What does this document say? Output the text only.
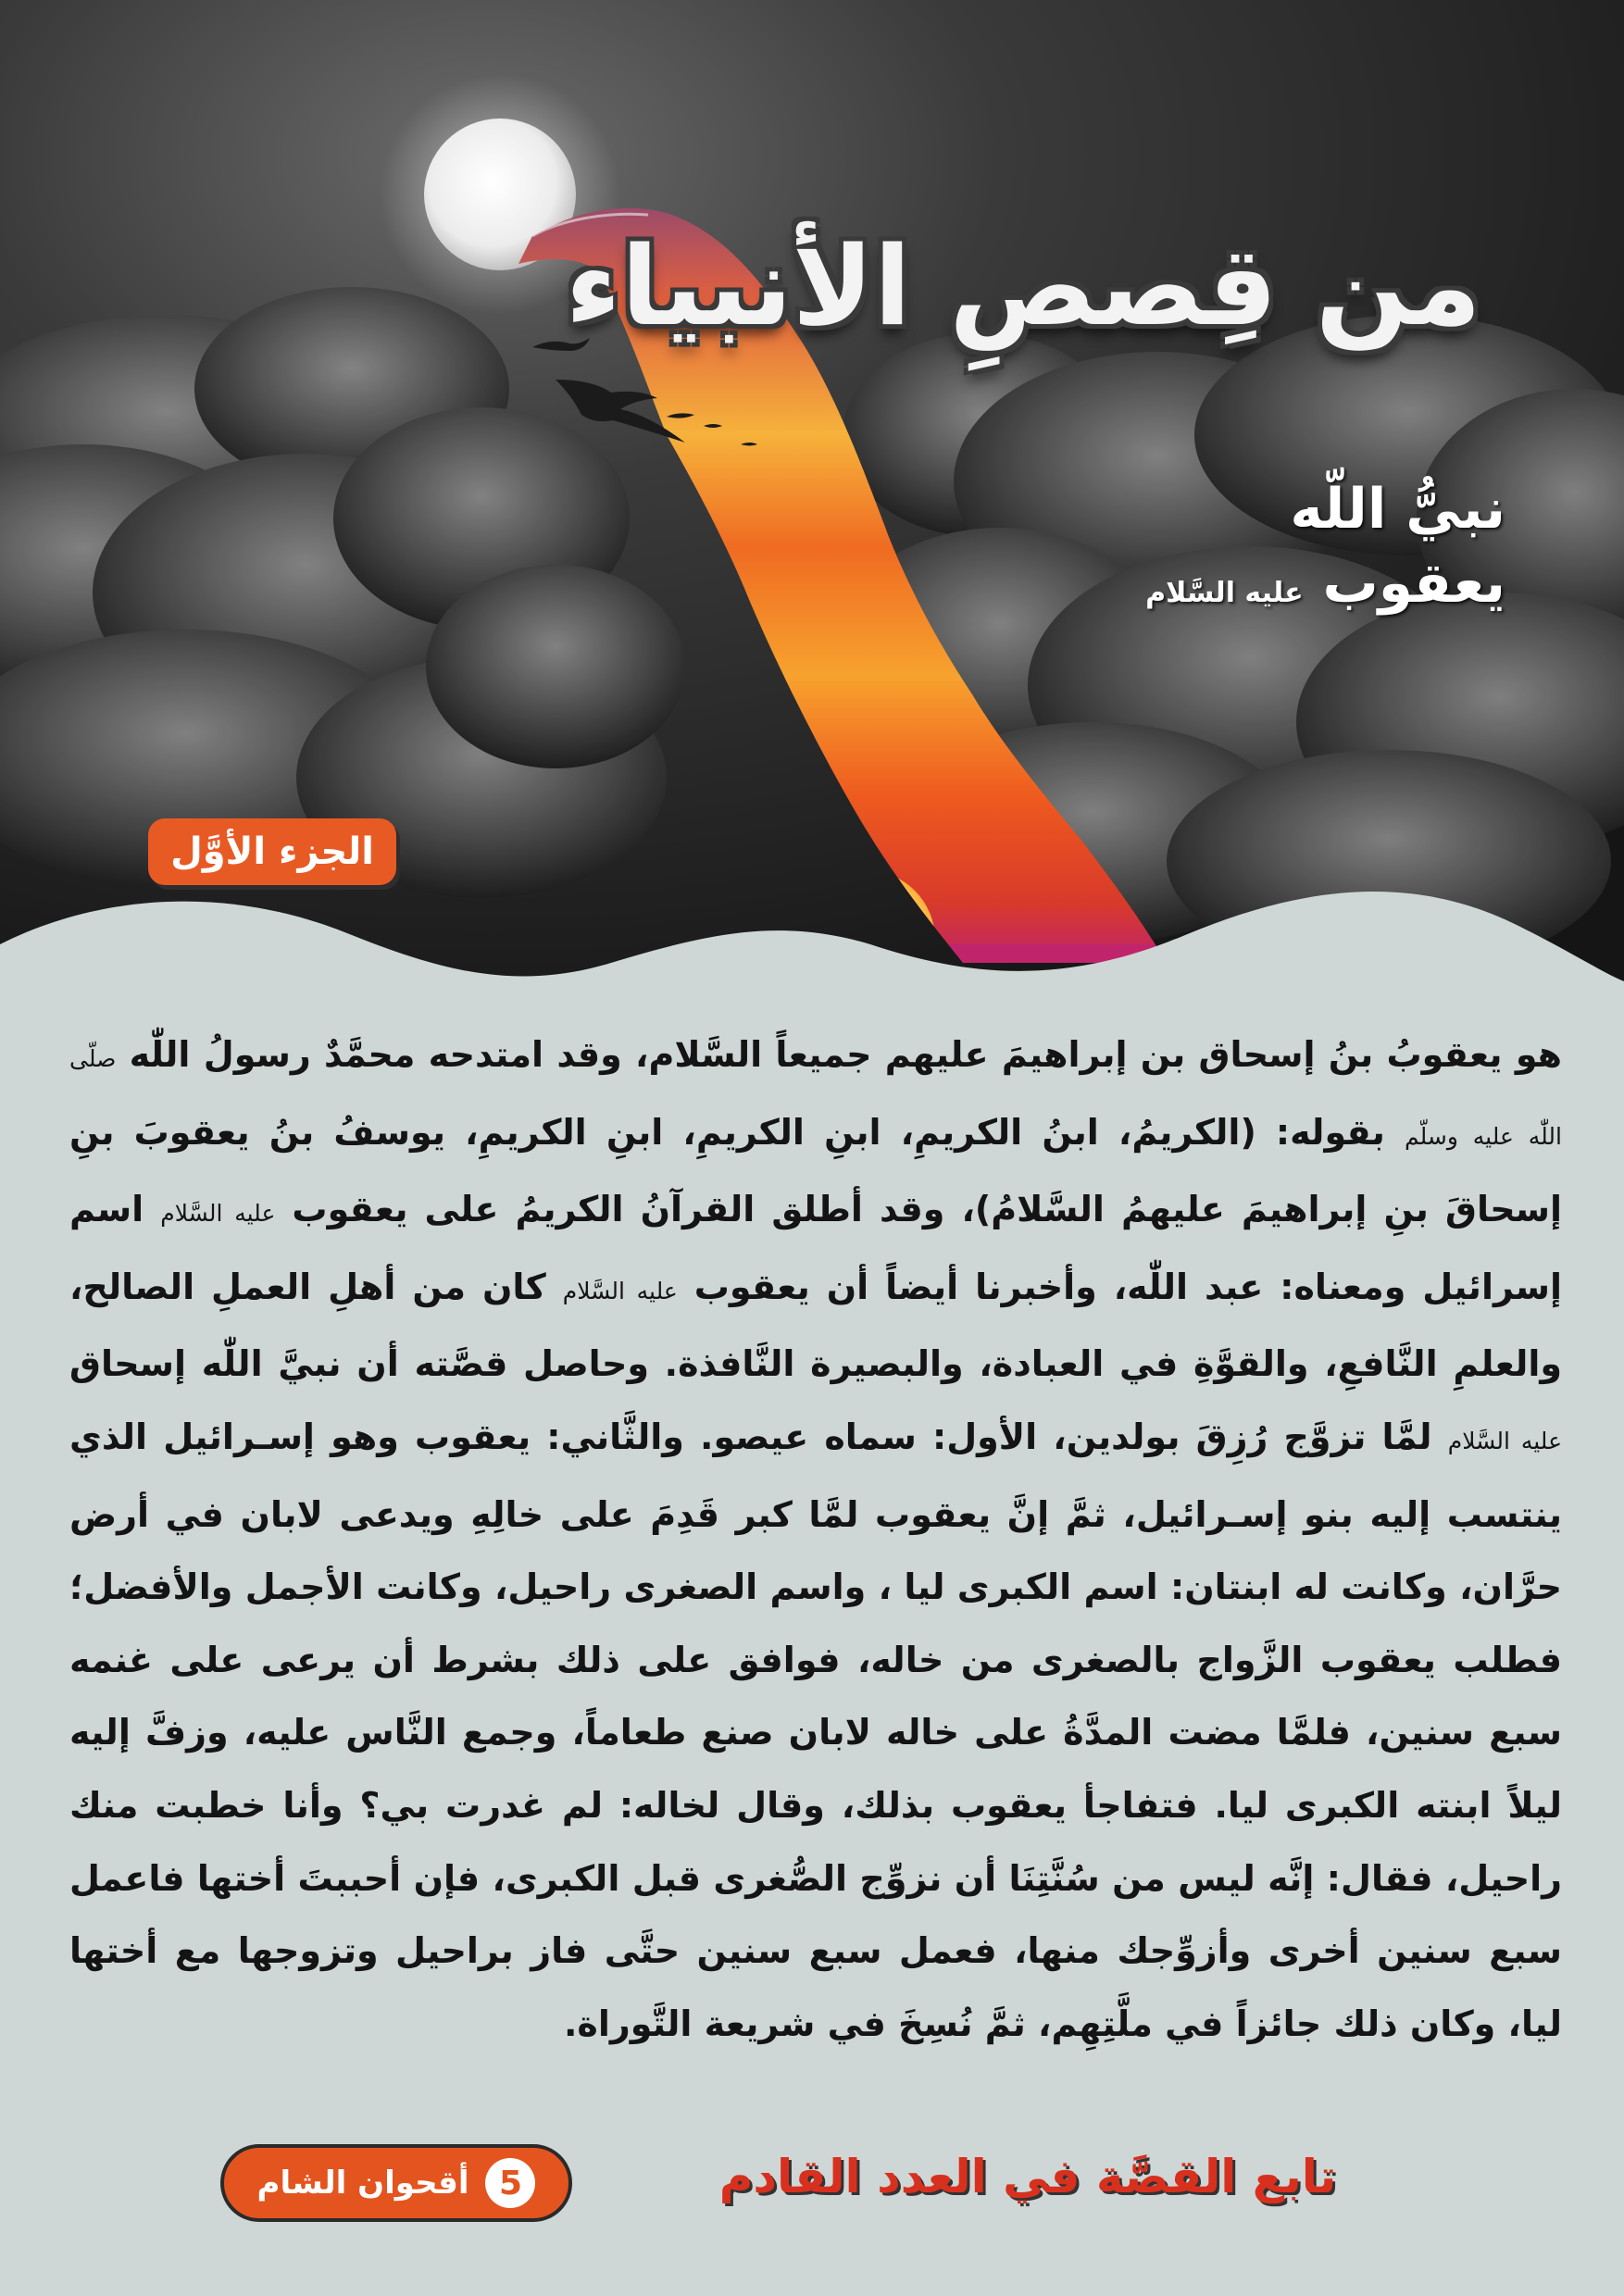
من قِصصِ الأنبياء
نبيُّ اللّه
يعقوب عليه السَّلام
الجزء الأوَّل

هو يعقوبُ بنُ إسحاق بن إبراهيمَ عليهم جميعاً السَّلام، وقد امتدحه محمَّدٌ رسولُ اللّٰه صلّى اللّٰه عليه وسلّم بقوله: (الكريمُ، ابنُ الكريمِ، ابنِ الكريمِ، ابنِ الكريمِ، يوسفُ بنُ يعقوبَ بنِ إسحاقَ بنِ إبراهيمَ عليهمُ السَّلامُ)، وقد أطلق القرآنُ الكريمُ على يعقوب عليه السَّلام اسم إسرائيل ومعناه: عبد اللّٰه، وأخبرنا أيضاً أن يعقوب عليه السَّلام كان من أهلِ العملِ الصالح، والعلمِ النَّافعِ، والقوَّةِ في العبادة، والبصيرة النَّافذة. وحاصل قصَّته أن نبيَّ اللّٰه إسحاق عليه السَّلام لمَّا تزوَّج رُزِقَ بولدين، الأول: سماه عيصو. والثَّاني: يعقوب وهو إسـرائيل الذي ينتسب إليه بنو إسـرائيل، ثمَّ إنَّ يعقوب لمَّا كبر قَدِمَ على خالِهِ ويدعى لابان في أرض حرَّان، وكانت له ابنتان: اسم الكبرى ليا ، واسم الصغرى راحيل، وكانت الأجمل والأفضل؛ فطلب يعقوب الزَّواج بالصغرى من خاله، فوافق على ذلك بشرط أن يرعى على غنمه سبع سنين، فلمَّا مضت المدَّةُ على خاله لابان صنع طعاماً، وجمع النَّاس عليه، وزفَّ إليه ليلاً ابنته الكبرى ليا. فتفاجأ يعقوب بذلك، وقال لخاله: لم غدرت بي؟ وأنا خطبت منك راحيل، فقال: إنَّه ليس من سُنَّتِنَا أن نزوِّج الصُّغرى قبل الكبرى، فإن أحببتَ أختها فاعمل سبع سنين أخرى وأزوِّجك منها، فعمل سبع سنين حتَّى فاز براحيل وتزوجها مع أختها ليا، وكان ذلك جائزاً في ملَّتِهِم، ثمَّ نُسِخَ في شريعة التَّوراة.

تابع القصَّة في العدد القادم
5
أقحوان الشام
